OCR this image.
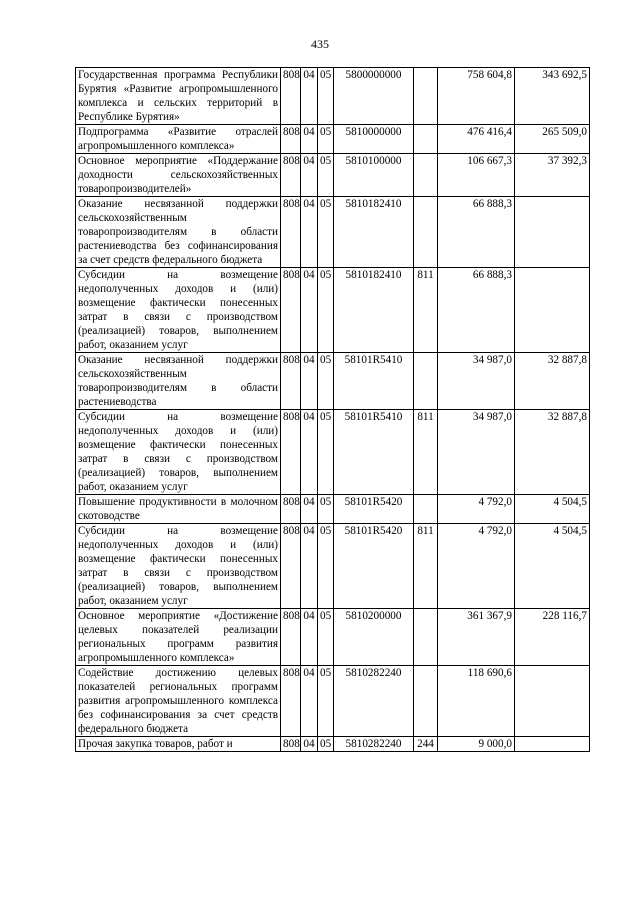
435
Государственная программа Республики Бурятия «Развитие агропромышленного комплекса и сельских территорий в Республике Бурятия»	808	04	05	5800000000		758 604,8	343 692,5
Подпрограмма «Развитие отраслей агропромышленного комплекса»	808	04	05	5810000000		476 416,4	265 509,0
Основное мероприятие «Поддержание доходности сельскохозяйственных товаропроизводителей»	808	04	05	5810100000		106 667,3	37 392,3
Оказание несвязанной поддержки сельскохозяйственным товаропроизводителям в области растениеводства без софинансирования за счет средств федерального бюджета	808	04	05	5810182410		66 888,3	
Субсидии на возмещение недополученных доходов и (или) возмещение фактически понесенных затрат в связи с производством (реализацией) товаров, выполнением работ, оказанием услуг	808	04	05	5810182410	811	66 888,3	
Оказание несвязанной поддержки сельскохозяйственным товаропроизводителям в области растениеводства	808	04	05	58101R5410		34 987,0	32 887,8
Субсидии на возмещение недополученных доходов и (или) возмещение фактически понесенных затрат в связи с производством (реализацией) товаров, выполнением работ, оказанием услуг	808	04	05	58101R5410	811	34 987,0	32 887,8
Повышение продуктивности в молочном скотоводстве	808	04	05	58101R5420		4 792,0	4 504,5
Субсидии на возмещение недополученных доходов и (или) возмещение фактически понесенных затрат в связи с производством (реализацией) товаров, выполнением работ, оказанием услуг	808	04	05	58101R5420	811	4 792,0	4 504,5
Основное мероприятие «Достижение целевых показателей реализации региональных программ развития агропромышленного комплекса»	808	04	05	5810200000		361 367,9	228 116,7
Содействие достижению целевых показателей региональных программ развития агропромышленного комплекса без софинансирования за счет средств федерального бюджета	808	04	05	5810282240		118 690,6	
Прочая закупка товаров, работ и	808	04	05	5810282240	244	9 000,0	
